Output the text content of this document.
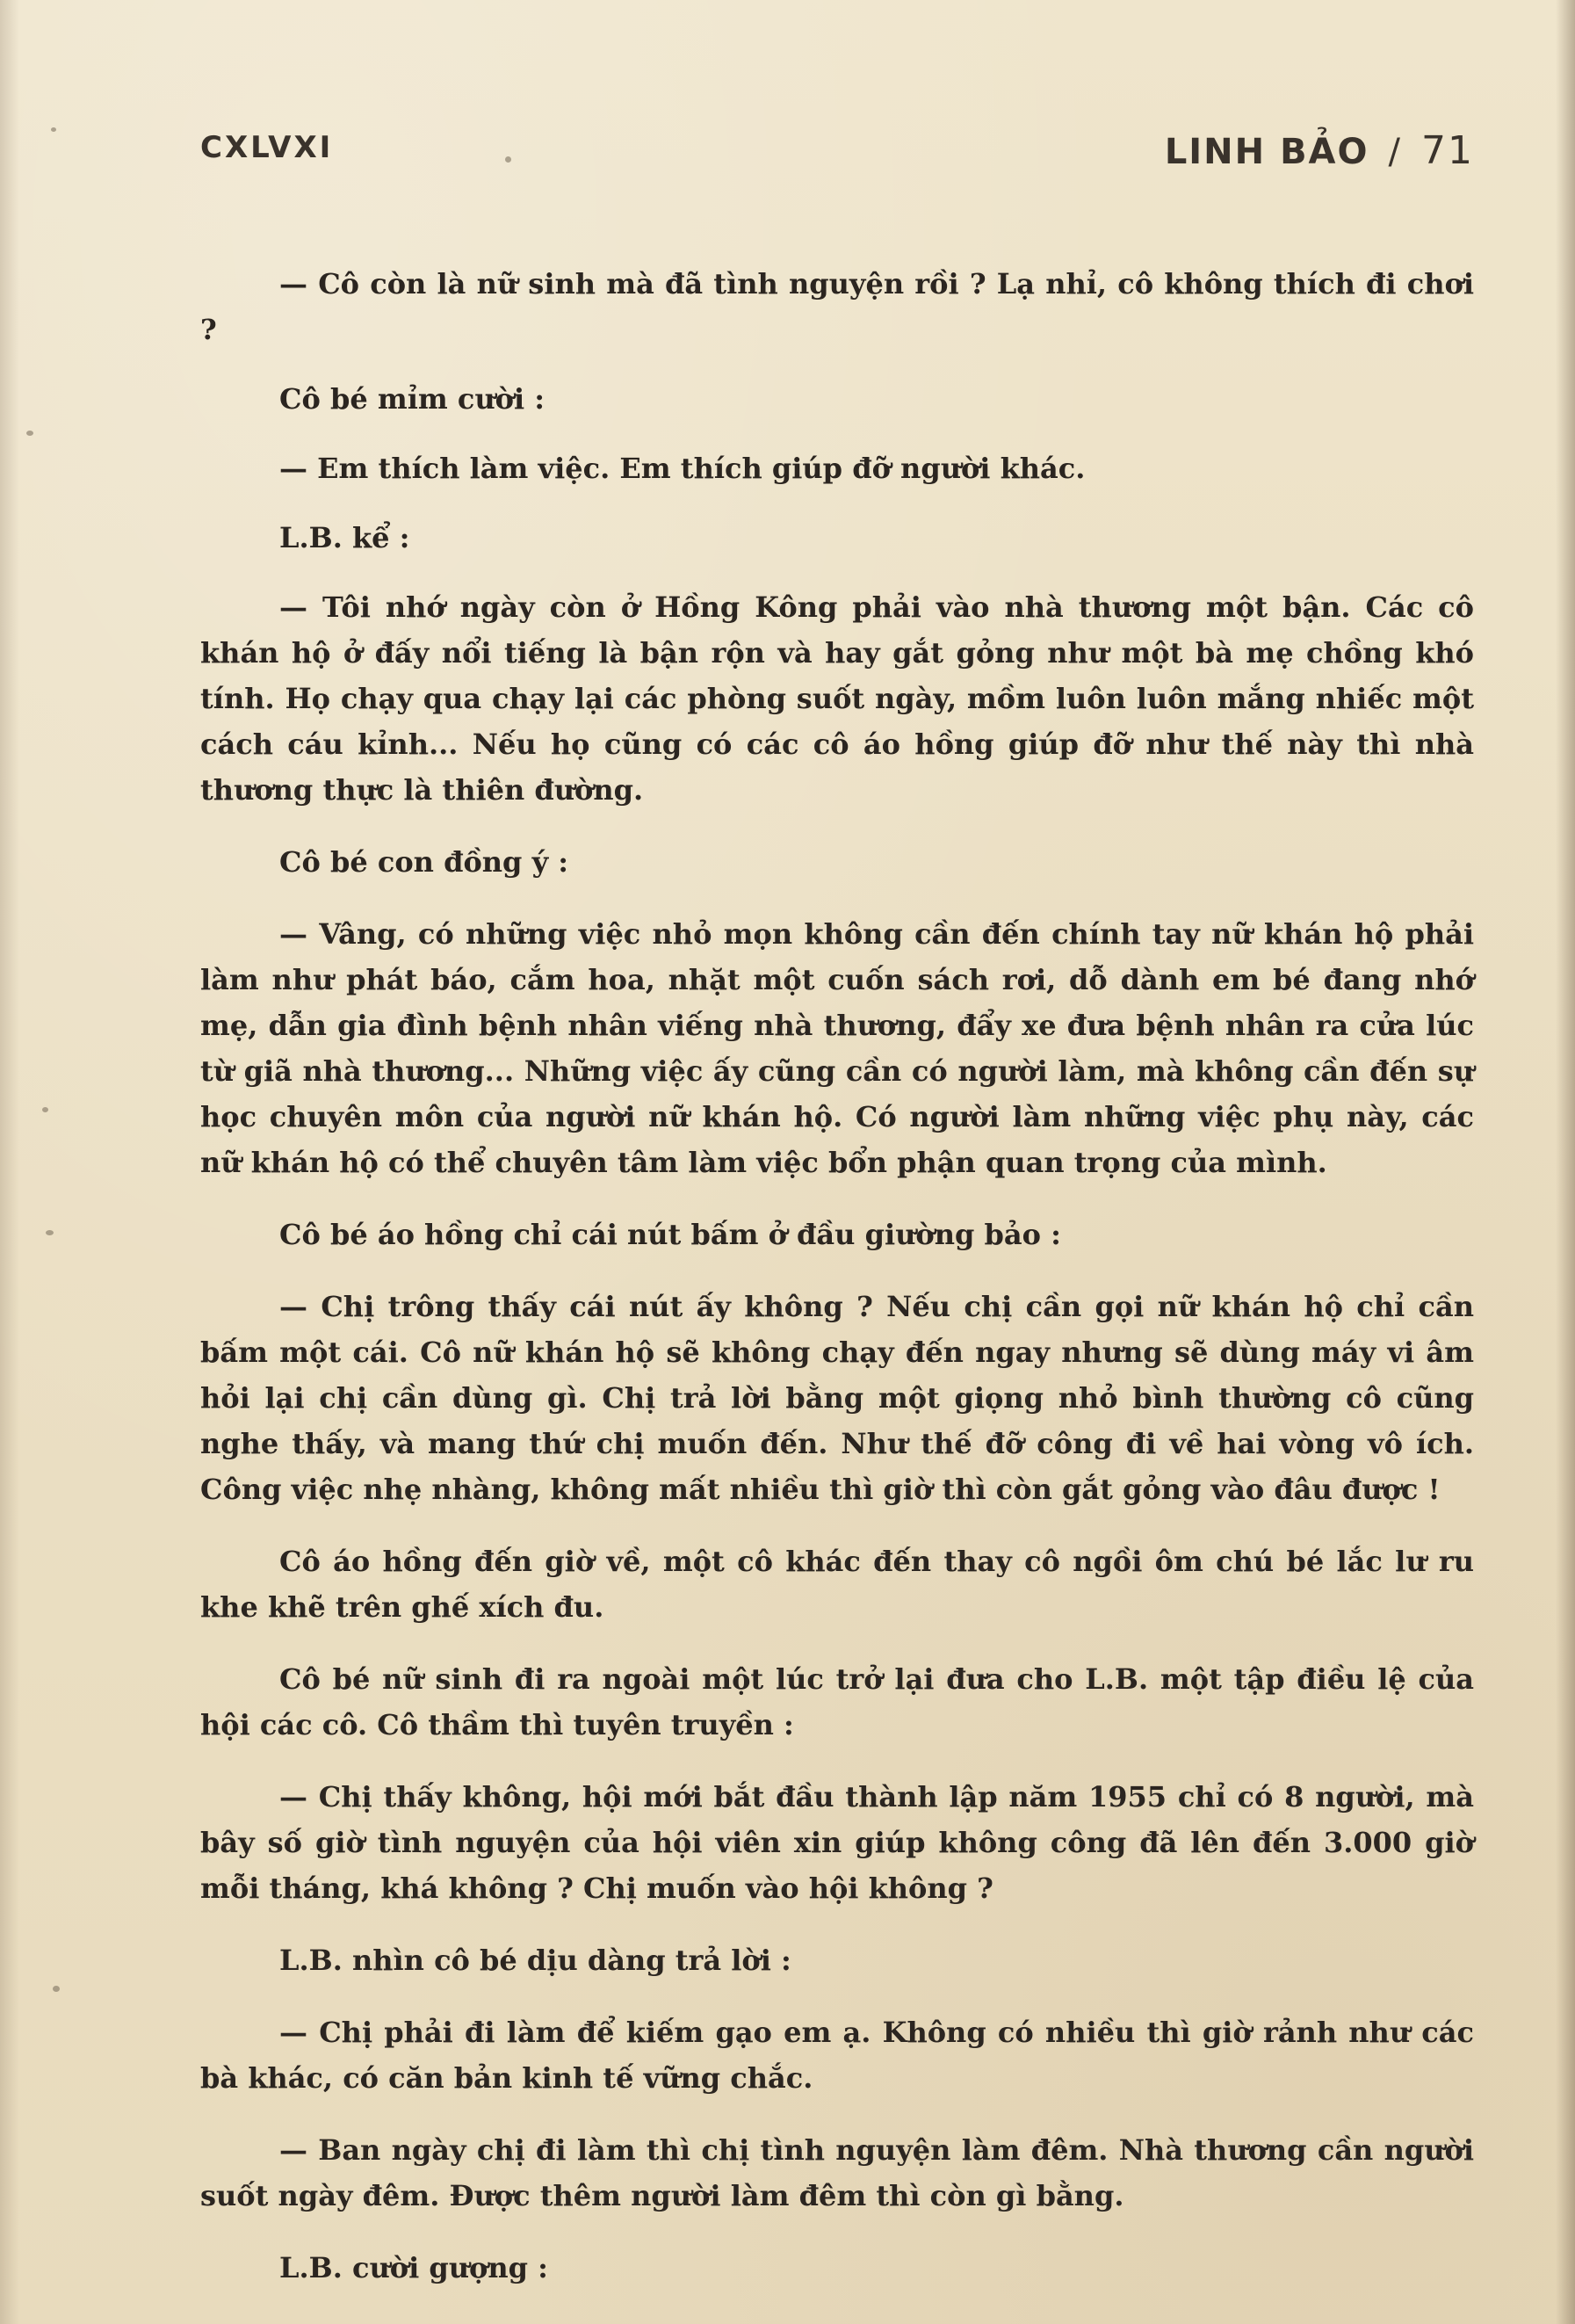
CXLVXI	LINH BẢO / 71

— Cô còn là nữ sinh mà đã tình nguyện rồi ? Lạ nhỉ, cô không thích đi chơi ?

Cô bé mỉm cười :

— Em thích làm việc. Em thích giúp đỡ người khác.

L.B. kể :

— Tôi nhớ ngày còn ở Hồng Kông phải vào nhà thương một bận. Các cô khán hộ ở đấy nổi tiếng là bận rộn và hay gắt gỏng như một bà mẹ chồng khó tính. Họ chạy qua chạy lại các phòng suốt ngày, mồm luôn luôn mắng nhiếc một cách cáu kỉnh... Nếu họ cũng có các cô áo hồng giúp đỡ như thế này thì nhà thương thực là thiên đường.

Cô bé con đồng ý :

— Vâng, có những việc nhỏ mọn không cần đến chính tay nữ khán hộ phải làm như phát báo, cắm hoa, nhặt một cuốn sách rơi, dỗ dành em bé đang nhớ mẹ, dẫn gia đình bệnh nhân viếng nhà thương, đẩy xe đưa bệnh nhân ra cửa lúc từ giã nhà thương... Những việc ấy cũng cần có người làm, mà không cần đến sự học chuyên môn của người nữ khán hộ. Có người làm những việc phụ này, các nữ khán hộ có thể chuyên tâm làm việc bổn phận quan trọng của mình.

Cô bé áo hồng chỉ cái nút bấm ở đầu giường bảo :

— Chị trông thấy cái nút ấy không ? Nếu chị cần gọi nữ khán hộ chỉ cần bấm một cái. Cô nữ khán hộ sẽ không chạy đến ngay nhưng sẽ dùng máy vi âm hỏi lại chị cần dùng gì. Chị trả lời bằng một giọng nhỏ bình thường cô cũng nghe thấy, và mang thứ chị muốn đến. Như thế đỡ công đi về hai vòng vô ích. Công việc nhẹ nhàng, không mất nhiều thì giờ thì còn gắt gỏng vào đâu được !

Cô áo hồng đến giờ về, một cô khác đến thay cô ngồi ôm chú bé lắc lư ru khe khẽ trên ghế xích đu.

Cô bé nữ sinh đi ra ngoài một lúc trở lại đưa cho L.B. một tập điều lệ của hội các cô. Cô thầm thì tuyên truyền :

— Chị thấy không, hội mới bắt đầu thành lập năm 1955 chỉ có 8 người, mà bây số giờ tình nguyện của hội viên xin giúp không công đã lên đến 3.000 giờ mỗi tháng, khá không ? Chị muốn vào hội không ?

L.B. nhìn cô bé dịu dàng trả lời :

— Chị phải đi làm để kiếm gạo em ạ. Không có nhiều thì giờ rảnh như các bà khác, có căn bản kinh tế vững chắc.

— Ban ngày chị đi làm thì chị tình nguyện làm đêm. Nhà thương cần người suốt ngày đêm. Được thêm người làm đêm thì còn gì bằng.

L.B. cười gượng :
